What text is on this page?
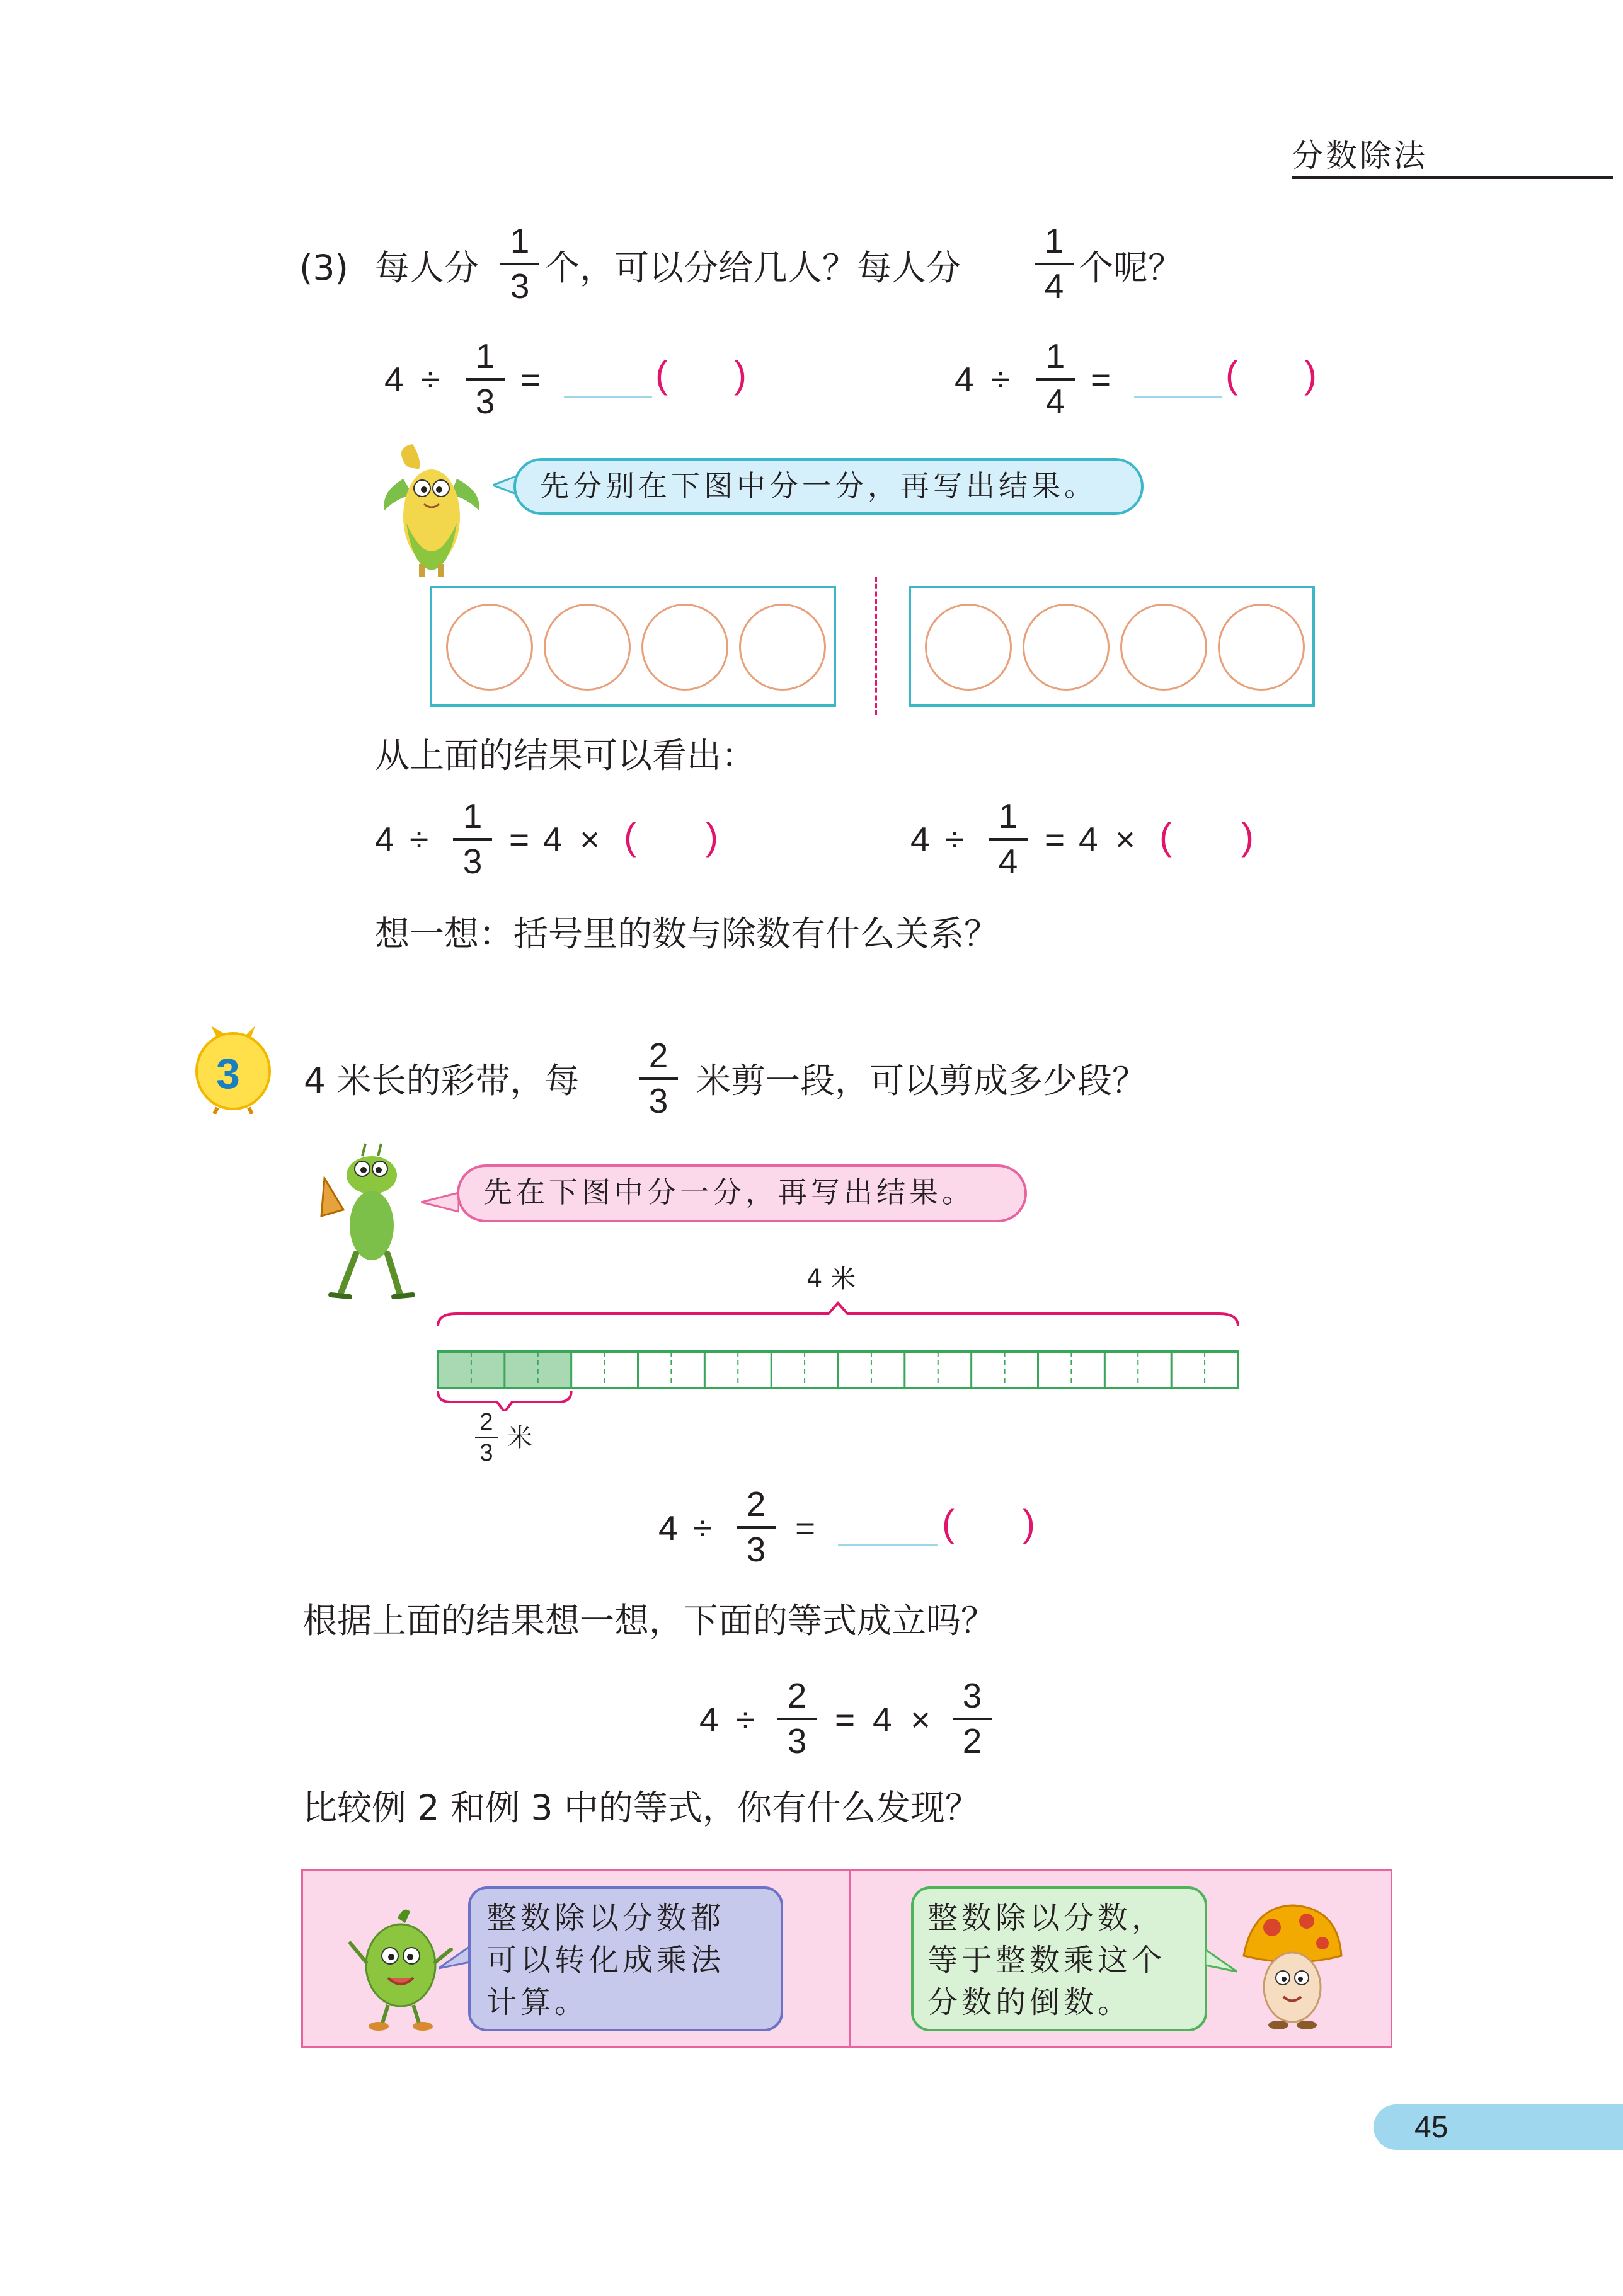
分数除法
(3) 每人分
1
3 个，可以分给几人？每人分
1
4 个呢？
4 ÷
1
3
=	( )	4 ÷
1
4
=	( )
先分别在下图中分一分，再写出结果。
从上面的结果可以看出：
4 ÷
1
3
= 4 × ( )	4 ÷
1
4
= 4 × ( )
想一想：括号里的数与除数有什么关系？
3 4 米长的彩带，每
2
3 米剪一段，可以剪成多少段？
先在下图中分一分，再写出结果。
4 米
米
2
3
4 ÷
2
3
=	( )
根据上面的结果想一想，下面的等式成立吗？
4 ÷
2
3
= 4 ×
3
2
比较例 2 和例 3 中的等式，你有什么发现？
整数除以分数都
可以转化成乘法
计算。
整数除以分数，
等于整数乘这个
分数的倒数。
45
